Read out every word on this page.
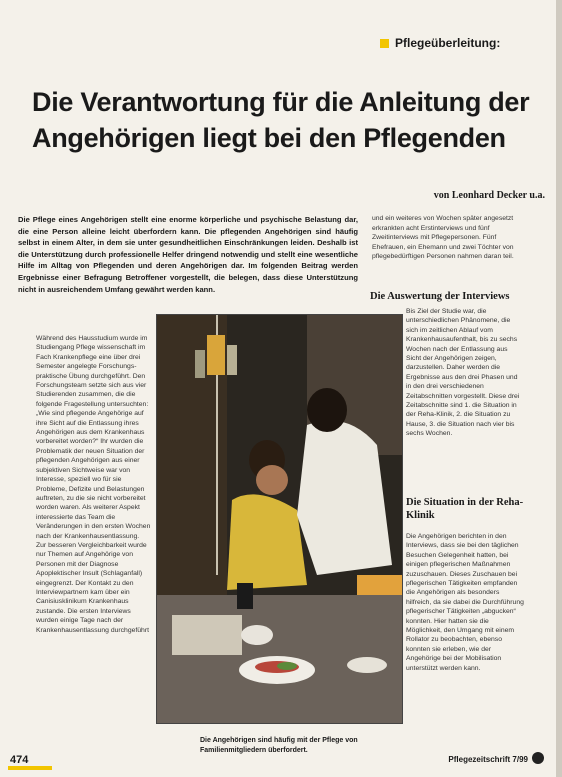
Pflegeüberleitung:
Die Verantwortung für die Anleitung der Angehörigen liegt bei den Pflegenden
von Leonhard Decker u.a.
Die Pflege eines Angehörigen stellt eine enorme körperliche und psychische Belastung dar, die eine Person alleine leicht überfordern kann. Die pflegenden Angehörigen sind häufig selbst in einem Alter, in dem sie unter gesundheitlichen Einschränkungen leiden. Deshalb ist die Unterstützung durch professionelle Helfer dringend notwendig und stellt eine wesentliche Hilfe im Alltag von Pflegenden und deren Angehörigen dar. Im folgenden Beitrag werden Ergebnisse einer Befragung Betroffener vorgestellt, die belegen, dass diese Unterstützung nicht in ausreichendem Umfang gewährt werden kann.
und ein weiteres von Wochen später angesetzt erkrankten acht Erstinterviews und fünf Zweitinterviews mit Pflegepersonen. Fünf Ehefrauen, ein Ehemann und zwei Töchter von pflegebedürftigen Personen nahmen daran teil.
Die Auswertung der Interviews
Bis Ziel der Studie war, die unterschiedlichen Phänomene, die sich im zeitlichen Ablauf vom Krankenhausaufenthalt, bis zu sechs Wochen nach der Entlassung aus Sicht der Angehörigen zeigen, darzustellen. Daher werden die Ergebnisse aus den drei Phasen und in den drei verschiedenen Zeitabschnitten vorgestellt. Diese drei Zeitabschnitte sind 1. die Situation in der Reha-Klinik, 2. die Situation zu Hause, 3. die Situation nach vier bis sechs Wochen.
Die Situation in der Reha-Klinik
Die Angehörigen berichten in den Interviews, dass sie bei den täglichen Besuchen Gelegenheit hatten, bei einigen pflegerischen Maßnahmen zuzuschauen. Dieses Zuschauen bei pflegerischen Tätigkeiten empfanden die Angehörigen als besonders hilfreich, da sie dabei die Durchführung pflegerischer Tätigkeiten „abgucken“ konnten. Hier hatten sie die Möglichkeit, den Umgang mit einem Rollator zu beobachten, ebenso konnten sie erleben, wie der Angehörige bei der Mobilisation unterstützt werden kann.
Während des Hausstudium wurde im Studiengang Pflege wissenschaft im Fach Krankenpflege eine über drei Semester angelegte Forschungs-praktische Übung durchgeführt. Den Forschungsteam setzte sich aus vier Studierenden zusammen, die die folgende Fragestellung untersuchten: „Wie sind pflegende Angehörige auf ihre Sicht auf die Entlassung ihres Angehörigen aus dem Krankenhaus vorbereitet worden?“ Ihr wurden die Problematik der neuen Situation der pflegenden Angehörigen aus einer subjektiven Sichtweise war von Interesse, speziell wo für sie Probleme, Defizite und Belastungen auftreten, zu die sie nicht vorbereitet worden waren. Als weiterer Aspekt interessierte das Team die Veränderungen in den ersten Wochen nach der Krankenhausentlassung. Zur besseren Vergleichbarkeit wurde nur Themen auf Angehörige von Personen mit der Diagnose Apoplektischer Insult (Schlaganfall) eingegrenzt. Der Kontakt zu den Interviewpartnern kam über ein Canisiusklinikum Krankenhaus zustande. Die ersten Interviews wurden einige Tage nach der Krankenhausentlassung durchgeführt
Die Angehörigen sind häufig mit der Pflege von Familienmitgliedern überfordert.
474	Pflegezeitschrift 7/99
